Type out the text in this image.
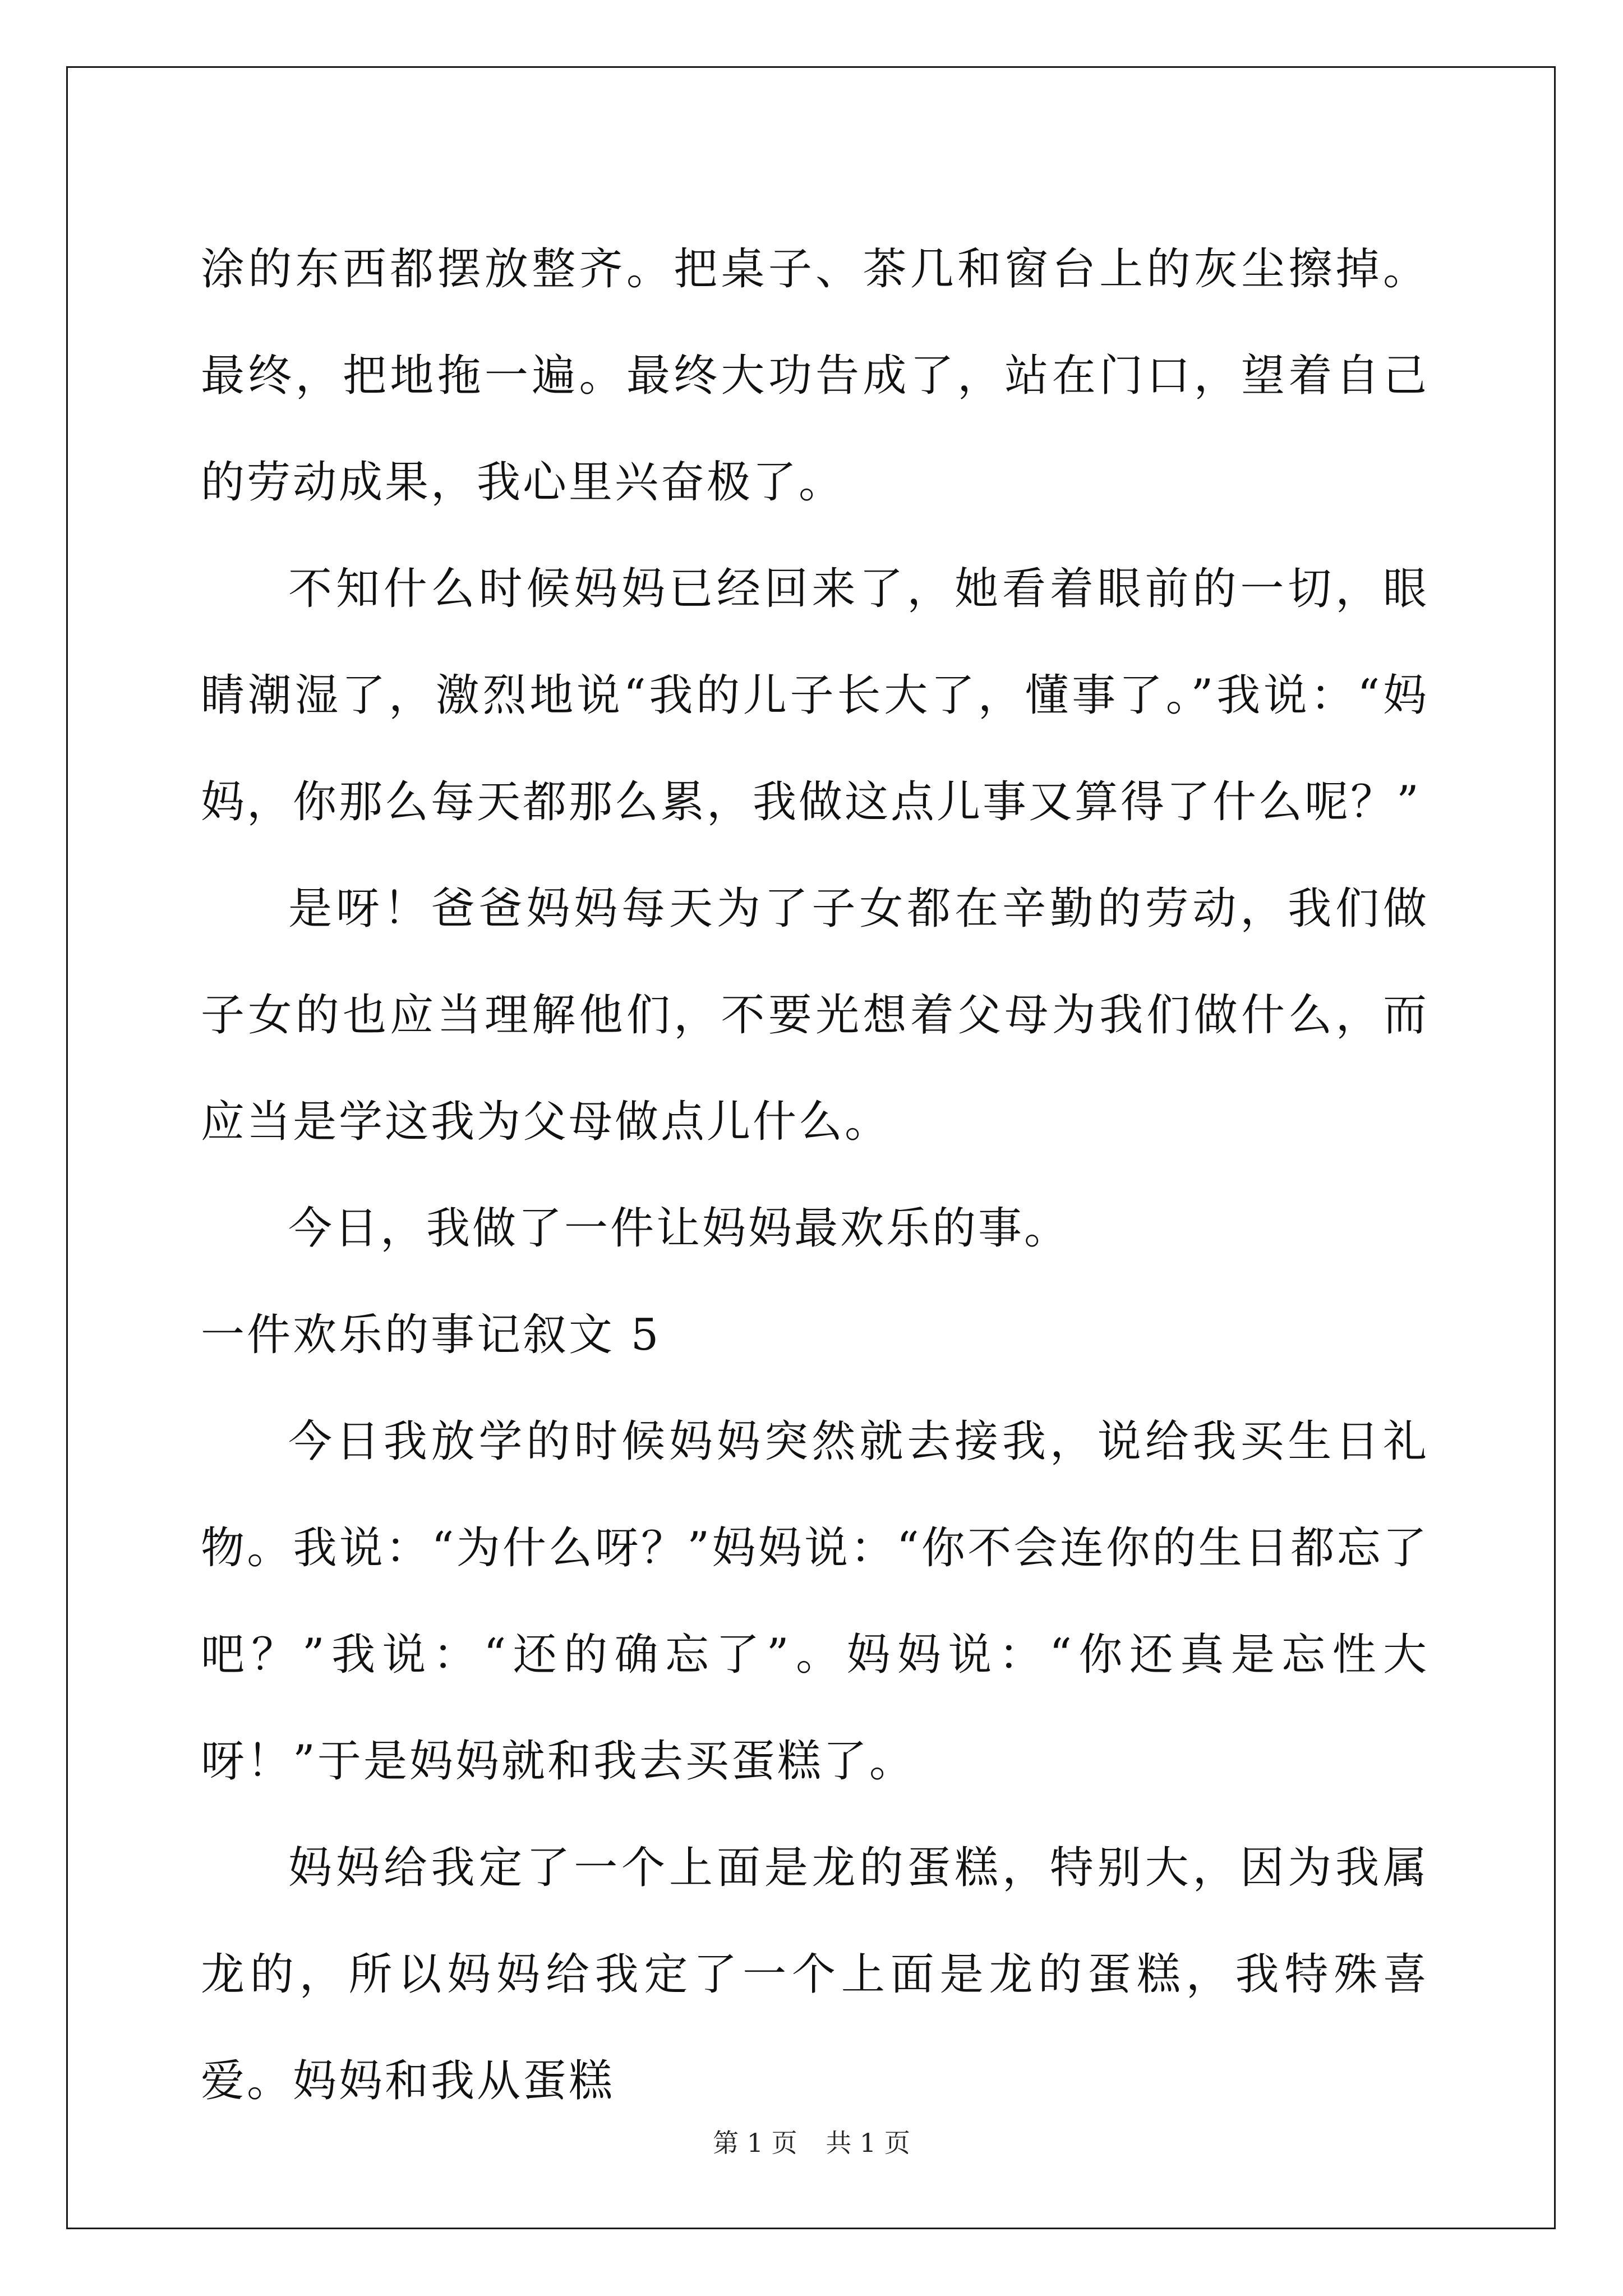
涂的东西都摆放整齐。把桌子、茶几和窗台上的灰尘擦掉。最终，把地拖一遍。最终大功告成了，站在门口，望着自己的劳动成果，我心里兴奋极了。

不知什么时候妈妈已经回来了，她看着眼前的一切，眼睛潮湿了，激烈地说“我的儿子长大了，懂事了。”我说：“妈妈，你那么每天都那么累，我做这点儿事又算得了什么呢？”

是呀！爸爸妈妈每天为了子女都在辛勤的劳动，我们做子女的也应当理解他们，不要光想着父母为我们做什么，而应当是学这我为父母做点儿什么。

今日，我做了一件让妈妈最欢乐的事。

一件欢乐的事记叙文 5

今日我放学的时候妈妈突然就去接我，说给我买生日礼物。我说：“为什么呀？”妈妈说：“你不会连你的生日都忘了吧？”我说：“还的确忘了”。妈妈说：“你还真是忘性大呀！”于是妈妈就和我去买蛋糕了。

妈妈给我定了一个上面是龙的蛋糕，特别大，因为我属龙的，所以妈妈给我定了一个上面是龙的蛋糕，我特殊喜爱。妈妈和我从蛋糕

第 1 页 共 1 页
